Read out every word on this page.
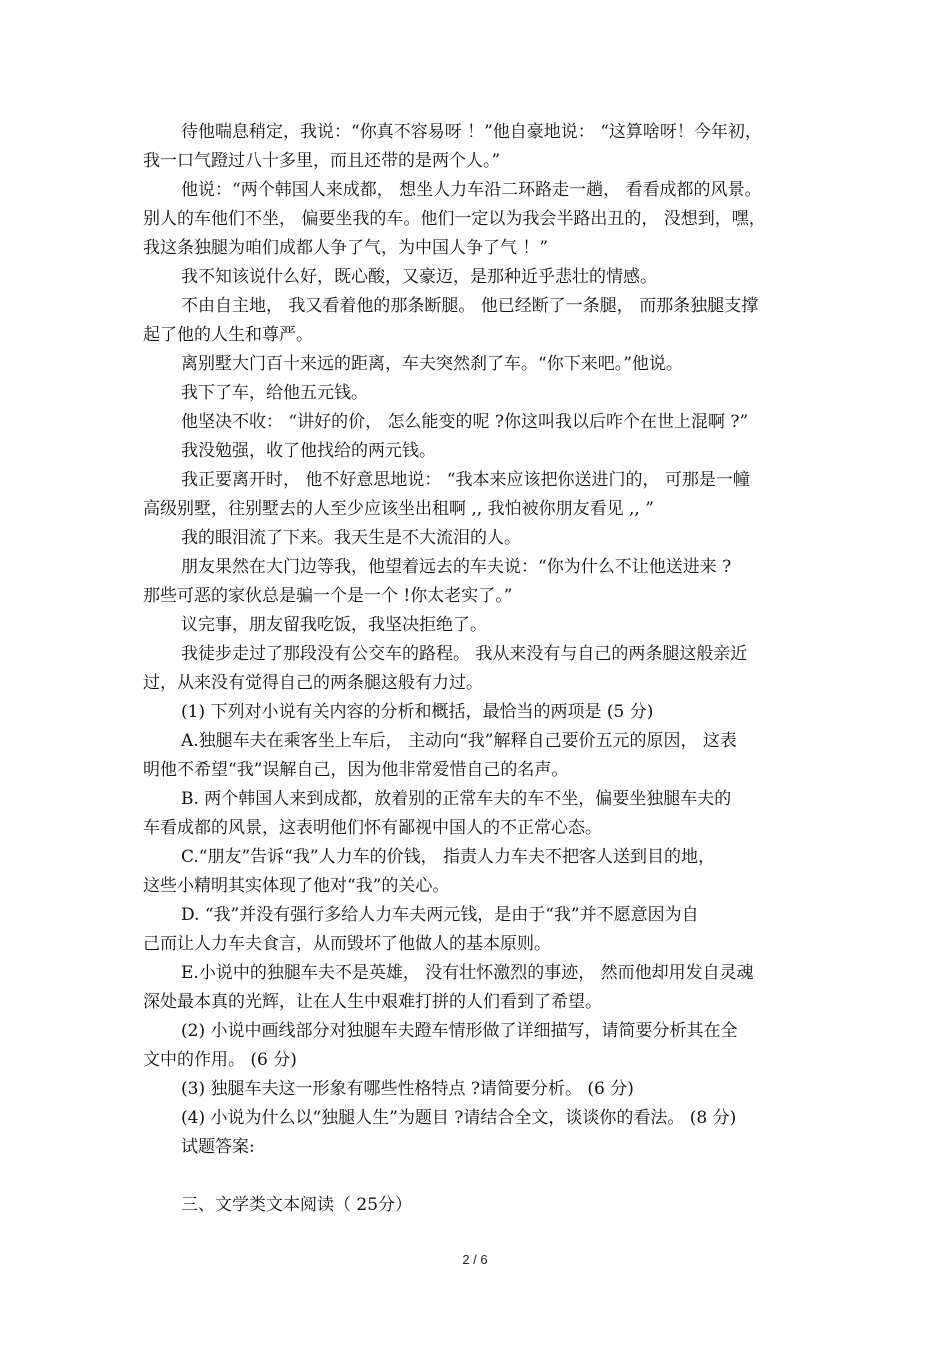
待他喘息稍定，我说：“你真不容易呀 ！”他自豪地说： “这算啥呀！今年初，

我一口气蹬过八十多里，而且还带的是两个人。”

他说：“两个韩国人来成都， 想坐人力车沿二环路走一趟， 看看成都的风景。

别人的车他们不坐， 偏要坐我的车。他们一定以为我会半路出丑的， 没想到，嘿，

我这条独腿为咱们成都人争了气，为中国人争了气 ！”

我不知该说什么好，既心酸，又豪迈，是那种近乎悲壮的情感。

不由自主地， 我又看着他的那条断腿。 他已经断了一条腿， 而那条独腿支撑

起了他的人生和尊严。

离别墅大门百十来远的距离，车夫突然刹了车。“你下来吧。”他说。

我下了车，给他五元钱。

他坚决不收： “讲好的价， 怎么能变的呢 ?你这叫我以后咋个在世上混啊 ?”

我没勉强，收了他找给的两元钱。

我正要离开时， 他不好意思地说： “我本来应该把你送进门的， 可那是一幢

高级别墅，往别墅去的人至少应该坐出租啊 ,, 我怕被你朋友看见 ,, ”

我的眼泪流了下来。我天生是不大流泪的人。

朋友果然在大门边等我，他望着远去的车夫说：“你为什么不让他送进来 ?

那些可恶的家伙总是骗一个是一个 !你太老实了。”

议完事，朋友留我吃饭，我坚决拒绝了。

我徒步走过了那段没有公交车的路程。 我从来没有与自己的两条腿这般亲近

过，从来没有觉得自己的两条腿这般有力过。

(1) 下列对小说有关内容的分析和概括，最恰当的两项是 (5 分)

A.独腿车夫在乘客坐上车后， 主动向“我”解释自己要价五元的原因， 这表

明他不希望“我”误解自己，因为他非常爱惜自己的名声。

B. 两个韩国人来到成都，放着别的正常车夫的车不坐，偏要坐独腿车夫的

车看成都的风景，这表明他们怀有鄙视中国人的不正常心态。

C.“朋友”告诉“我”人力车的价钱， 指责人力车夫不把客人送到目的地，

这些小精明其实体现了他对“我”的关心。

D. “我”并没有强行多给人力车夫两元钱，是由于“我”并不愿意因为自

己而让人力车夫食言，从而毁坏了他做人的基本原则。

E.小说中的独腿车夫不是英雄， 没有壮怀激烈的事迹， 然而他却用发自灵魂

深处最本真的光辉，让在人生中艰难打拼的人们看到了希望。

(2) 小说中画线部分对独腿车夫蹬车情形做了详细描写，请简要分析其在全

文中的作用。 (6 分)

(3) 独腿车夫这一形象有哪些性格特点 ?请简要分析。 (6 分)

(4) 小说为什么以“独腿人生”为题目 ?请结合全文，谈谈你的看法。 (8 分)

试题答案:

三、文学类文本阅读（ 25分）

2 / 6
